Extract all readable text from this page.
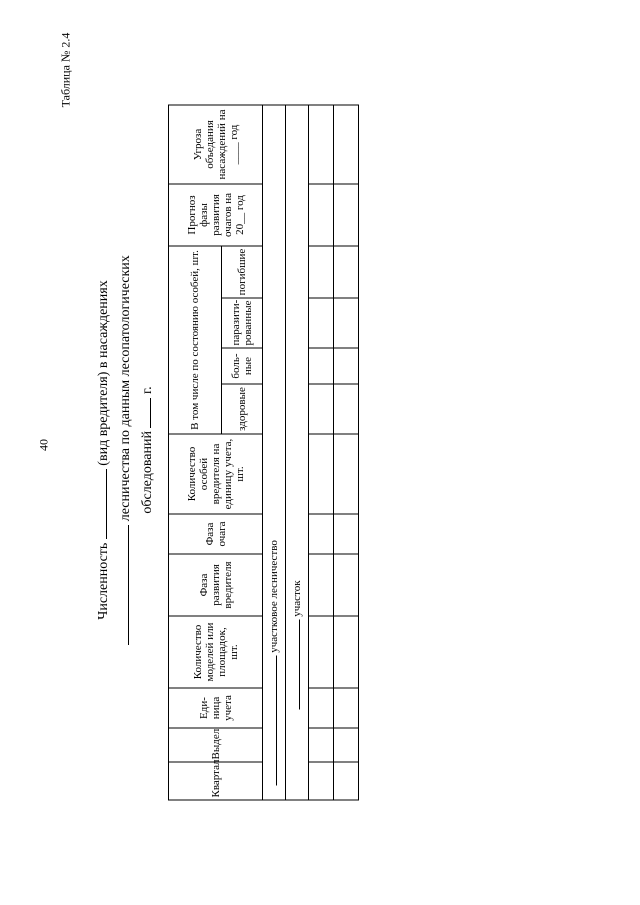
40
Таблица № 2.4
Численность  (вид вредителя) в насаждениях лесничества по данным лесопатологических обследований  г.
Квартал	Выдел	Еди-ница учета	Количество моделей или площадок, шт.	Фаза развития вредителя	Фаза очага	Количество особей вредителя на единицу учета, шт.	В том числе по состоянию особей, шт.				Прогноз фазы развития очагов на 20__ год	Угроза объедания насаждений на ____ год
							здоровые	боль-ные	паразити-рованные	погибшие		
участковое лесничество												
участок												
